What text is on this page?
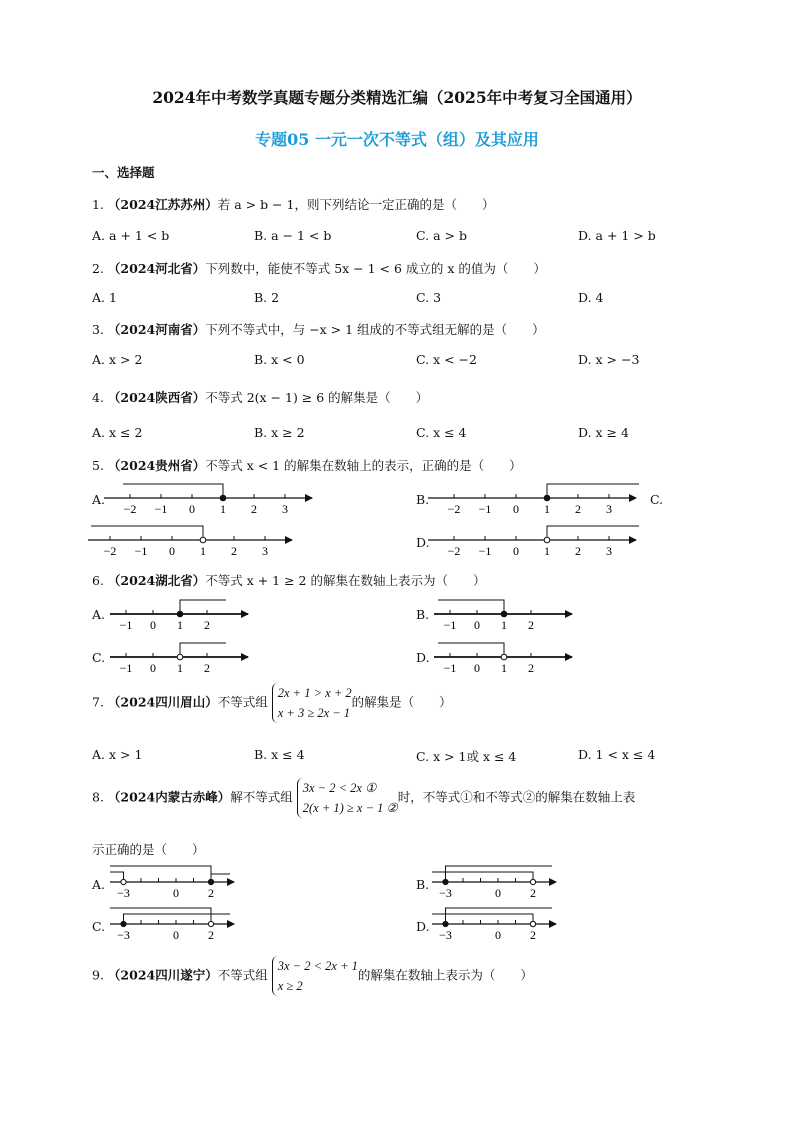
2024年中考数学真题专题分类精选汇编（2025年中考复习全国通用）
专题05 一元一次不等式（组）及其应用
一、选择题
1. （2024江苏苏州）若 a > b − 1，则下列结论一定正确的是（　　）
A. a + 1 < b	B. a − 1 < b	C. a > b	D. a + 1 > b
2. （2024河北省）下列数中，能使不等式 5x − 1 < 6 成立的 x 的值为（　　）
A. 1	B. 2	C. 3	D. 4
3. （2024河南省）下列不等式中，与 −x > 1 组成的不等式组无解的是（　　）
A. x > 2	B. x < 0	C. x < −2	D. x > −3
4. （2024陕西省）不等式 2(x − 1) ≥ 6 的解集是（　　）
A. x ≤ 2	B. x ≥ 2	C. x ≤ 4	D. x ≥ 4
5. （2024贵州省）不等式 x < 1 的解集在数轴上的表示，正确的是（　　）
A.	B.	C.
D.
−2 −1 0 1 2 3	−2 −1 0 1 2 3
−2 −1 0 1 2 3	−2 −1 0 1 2 3
6. （2024湖北省）不等式 x + 1 ≥ 2 的解集在数轴上表示为（　　）
A.	B.
C.	D.
−1 0 1 2	−1 0 1 2
−1 0 1 2	−1 0 1 2
7. （2024四川眉山）不等式组2x + 1 > x + 2
x + 3 ≥ 2x − 1的解集是（　　）
A. x > 1	B. x ≤ 4	C. x > 1或 x ≤ 4	D. 1 < x ≤ 4
8. （2024内蒙古赤峰）解不等式组3x − 2 < 2x ①
2(x + 1) ≥ x − 1 ②时，不等式①和不等式②的解集在数轴上表
示正确的是（　　）
A.	B.
C.	D.
−3	0 2	−3	0 2
−3	0 2	−3	0 2
9. （2024四川遂宁）不等式组3x − 2 < 2x + 1
x ≥ 2的解集在数轴上表示为（　　）
